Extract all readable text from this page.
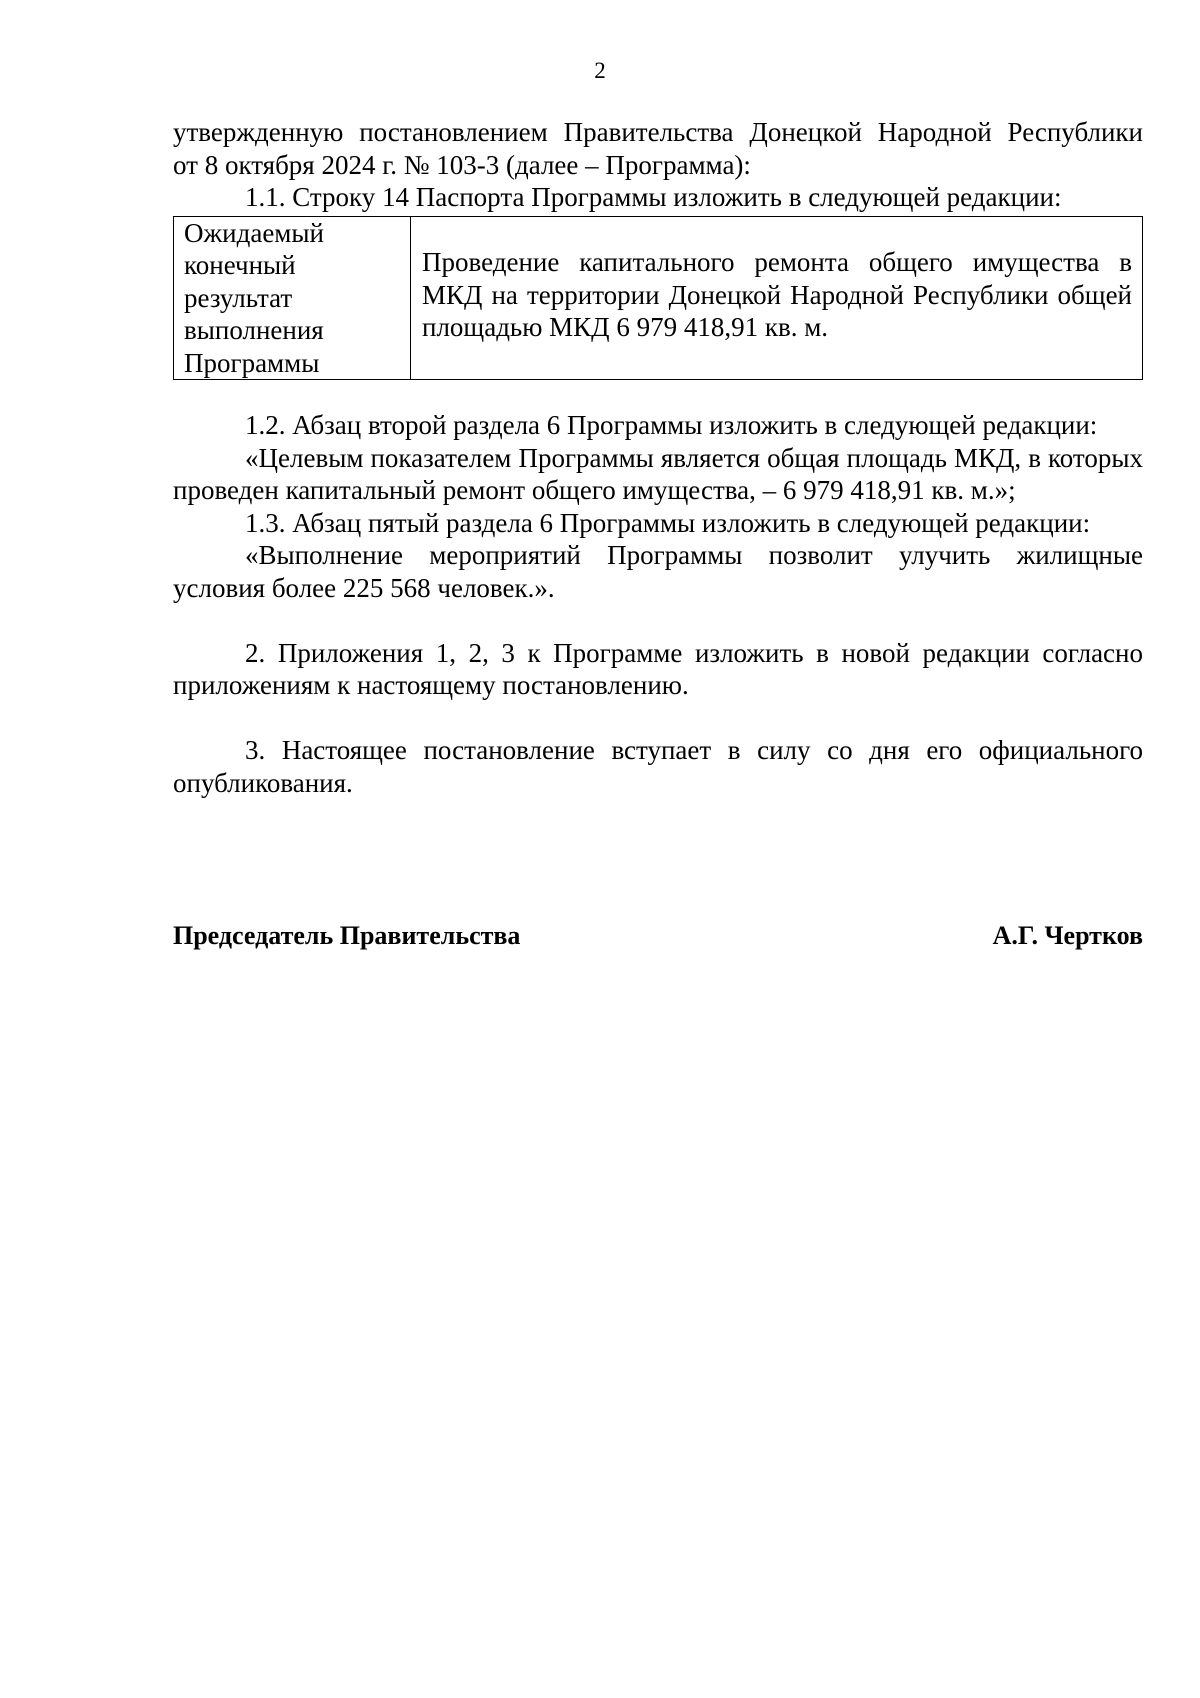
2

утвержденную постановлением Правительства Донецкой Народной Республики

от 8 октября 2024 г. № 103-3 (далее – Программа):

1.1. Строку 14 Паспорта Программы изложить в следующей редакции:

Ожидаемый
конечный
результат
выполнения
Программы
	Проведение капитального ремонта общего имущества в МКД на территории Донецкой Народной Республики общей площадью МКД 6 979 418,91 кв. м.

1.2. Абзац второй раздела 6 Программы изложить в следующей редакции:

«Целевым показателем Программы является общая площадь МКД, в которых проведен капитальный ремонт общего имущества, – 6 979 418,91 кв. м.»;

1.3. Абзац пятый раздела 6 Программы изложить в следующей редакции:

«Выполнение мероприятий Программы позволит улучить жилищные условия более 225 568 человек.».

2. Приложения 1, 2, 3 к Программе изложить в новой редакции согласно приложениям к настоящему постановлению.

3. Настоящее постановление вступает в силу со дня его официального опубликования.

Председатель Правительства	А.Г. Чертков
